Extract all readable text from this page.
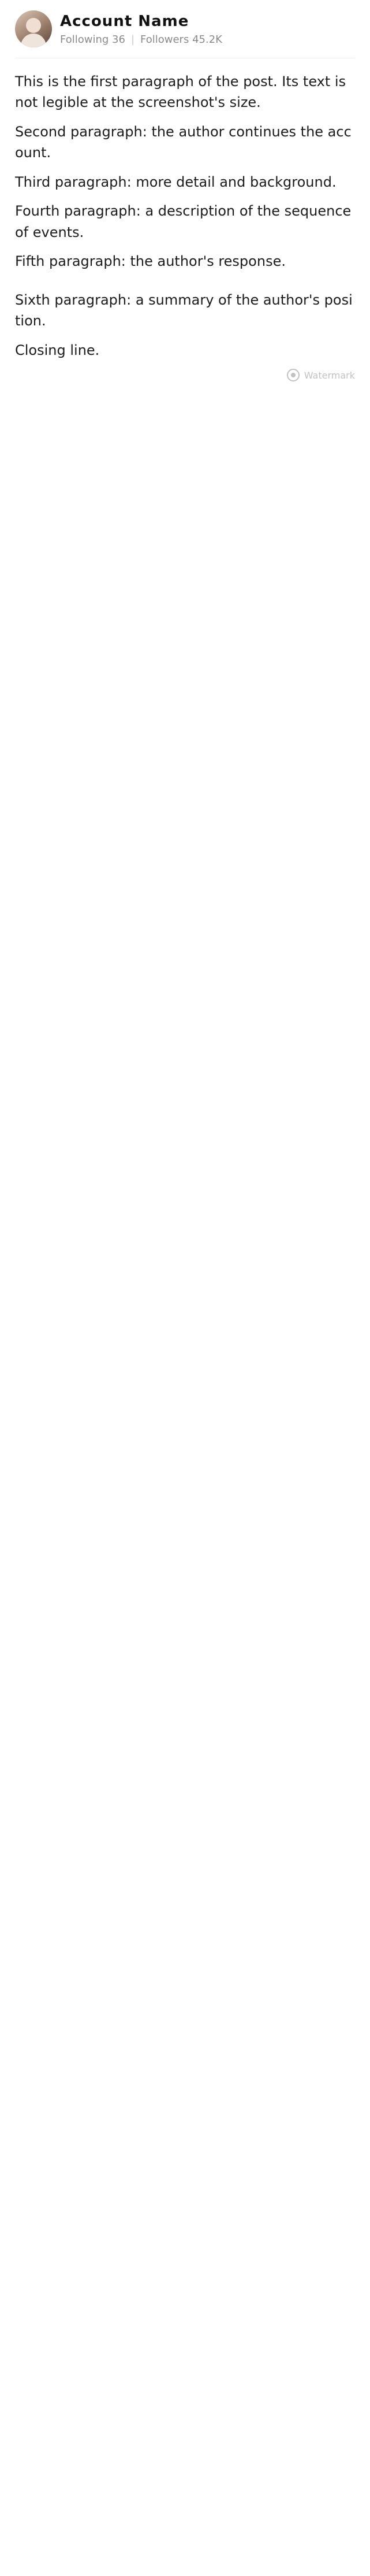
Account Name
Following 36 | Followers 45.2K

This is the first paragraph of the post. Its text is not legible at the screenshot's size.

Second paragraph: the author continues the account.

Third paragraph: more detail and background.

Fourth paragraph: a description of the sequence of events.

Fifth paragraph: the author's response.

Sixth paragraph: a summary of the author's position.

Closing line.

Watermark
